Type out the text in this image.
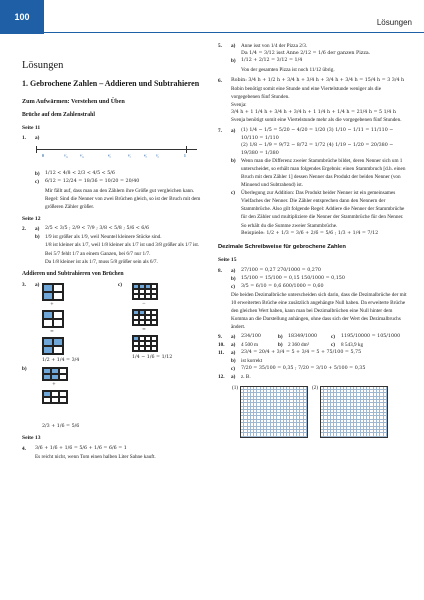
100
Lösungen
Lösungen
1. Gebrochene Zahlen – Addieren und Subtrahieren
Zum Aufwärmen: Verstehen und Üben
Brüche auf dem Zahlenstrahl
Seite 11
1.	a)
0	¹⁄₁₂	²⁄₁₂	⁴⁄₈	²⁄₃	⁴⁄₅	⁵⁄₆	1
b)	1/12 < 4/8 < 2/3 < 4/5 < 5/6
c)	6/12 = 12/24 = 18/36 = 10/20 = 20/40
Mir fällt auf, dass man an den Zählern ihre Größe gut vergleichen kann.
Regel: Sind die Nenner von zwei Brüchen gleich, so ist der Bruch mit dem größeren Zähler größer.
Seite 12
2.	a)	2/5 < 3/5 ; 2/9 < 7/9 ; 3/8 < 5/8 ; 5/6 < 6/6
b)	1/9 ist größer als 1/9, weil Neuntel kleinere Stücke sind.
1/8 ist kleiner als 1/7, weil 1/8 kleiner als 1/7 ist und 3/8 größer als 1/7 ist.
Bei 5/7 fehlt 1/7 an einem Ganzen, bei 6/7 nur 1/7.
Da 1/8 kleiner ist als 1/7, muss 5/8 größer sein als 6/7.
Addieren und Subtrahieren von Brüchen
3.	a)	c)
+
=
1/2 + 1/4 = 3/4
−
=
1/4 − 1/6 = 1/12
b)
+
2/3 + 1/6 = 5/6
Seite 13
4.	3/6 + 1/6 + 1/6 = 5/6 + 1/6 = 6/6 = 1
Es reicht nicht, wenn Tom einen halben Liter Sahne kauft.
5.	a)	Anne isst von 1/4 der Pizza 2/3.
Da 1/4 = 3/12 isst Anne 2/12 = 1/6 der ganzen Pizza.
b)	1/12 + 2/12 = 3/12 = 1/4
Von der gesamten Pizza ist noch 11/12 übrig.
6.	Robin: 3/4 h + 1/2 h + 3/4 h + 3/4 h + 3/4 h + 3/4 h = 15/4 h = 3 3/4 h
Robin benötigt somit eine Stunde und eine Viertelstunde weniger als die vorgegebenen fünf Stunden.
Svenja:
3/4 h + 1 1/4 h + 3/4 h + 3/4 h + 1 1/4 h + 1/4 h = 21/4 h = 5 1/4 h
Svenja benötigt somit eine Viertelstunde mehr als die vorgegebenen fünf Stunden.
7.	a)	(1) 1/4 − 1/5 = 5/20 − 4/20 = 1/20 (3) 1/10 − 1/11 = 11/110 − 10/110 = 1/110
(2) 1/8 − 1/9 = 9/72 − 8/72 = 1/72 (4) 1/19 − 1/20 = 20/380 − 19/380 = 1/380
b)	Wenn man die Differenz zweier Stammbrüche bildet, deren Nenner sich um 1 unterscheidet, so erhält man folgendes Ergebnis: einen Stammbruch [d.h. einen Bruch mit dem Zähler 1] dessen Nenner das Produkt der beiden Nenner (von Minuend und Subtrahend) ist.
c)	Überlegung zur Addition: Das Produkt beider Nenner ist ein gemeinsames Vielfaches der Nenner. Die Zähler entsprechen dann den Nennern der Stammbrüche. Also gilt folgende Regel: Addiere die Nenner der Stammbrüche für den Zähler und multipliziere die Nenner der Stammbrüche für den Nenner. So erhält du die Summe zweier Stammbrüche.
Beispiele: 1/2 + 1/3 = 3/6 + 2/6 = 5/6 ; 1/3 + 1/4 = 7/12
Dezimale Schreibweise für gebrochene Zahlen
Seite 15
8.	a)	27/100 = 0,27 270/1000 = 0,270
b)	15/100 = 15/100 = 0,15 150/1000 = 0,150
c)	3/5 = 6/10 = 0,6 600/1000 = 0,60
Die beiden Dezimalbrüche unterscheiden sich darin, dass die Dezimalbrüche der mit 10 erweiterten Brüche eine zusätzlich angehängte Null haben. Da erweiterte Brüche den gleichen Wert haben, kann man bei Dezimalbrüchen eine Null hinter dem Komma an die Darstellung anhängen, ohne dass sich der Wert des Dezimalbruchs ändert.
9.	a)	234/100	b)	18349/1000	c)	1195/10000 = 105/1000
10.	a)	4 500 m	b)	2 360 dm²	c)	8 543,9 kg
11.	a)	23/4 = 20/4 + 3/4 = 5 + 3/4 = 5 + 75/100 = 5,75
b)	ist korrekt
c)	7/20 = 35/100 = 0,35 ; 7/20 = 3/10 + 5/100 = 0,35
12.	a)	z. B.
(1)	(2)
